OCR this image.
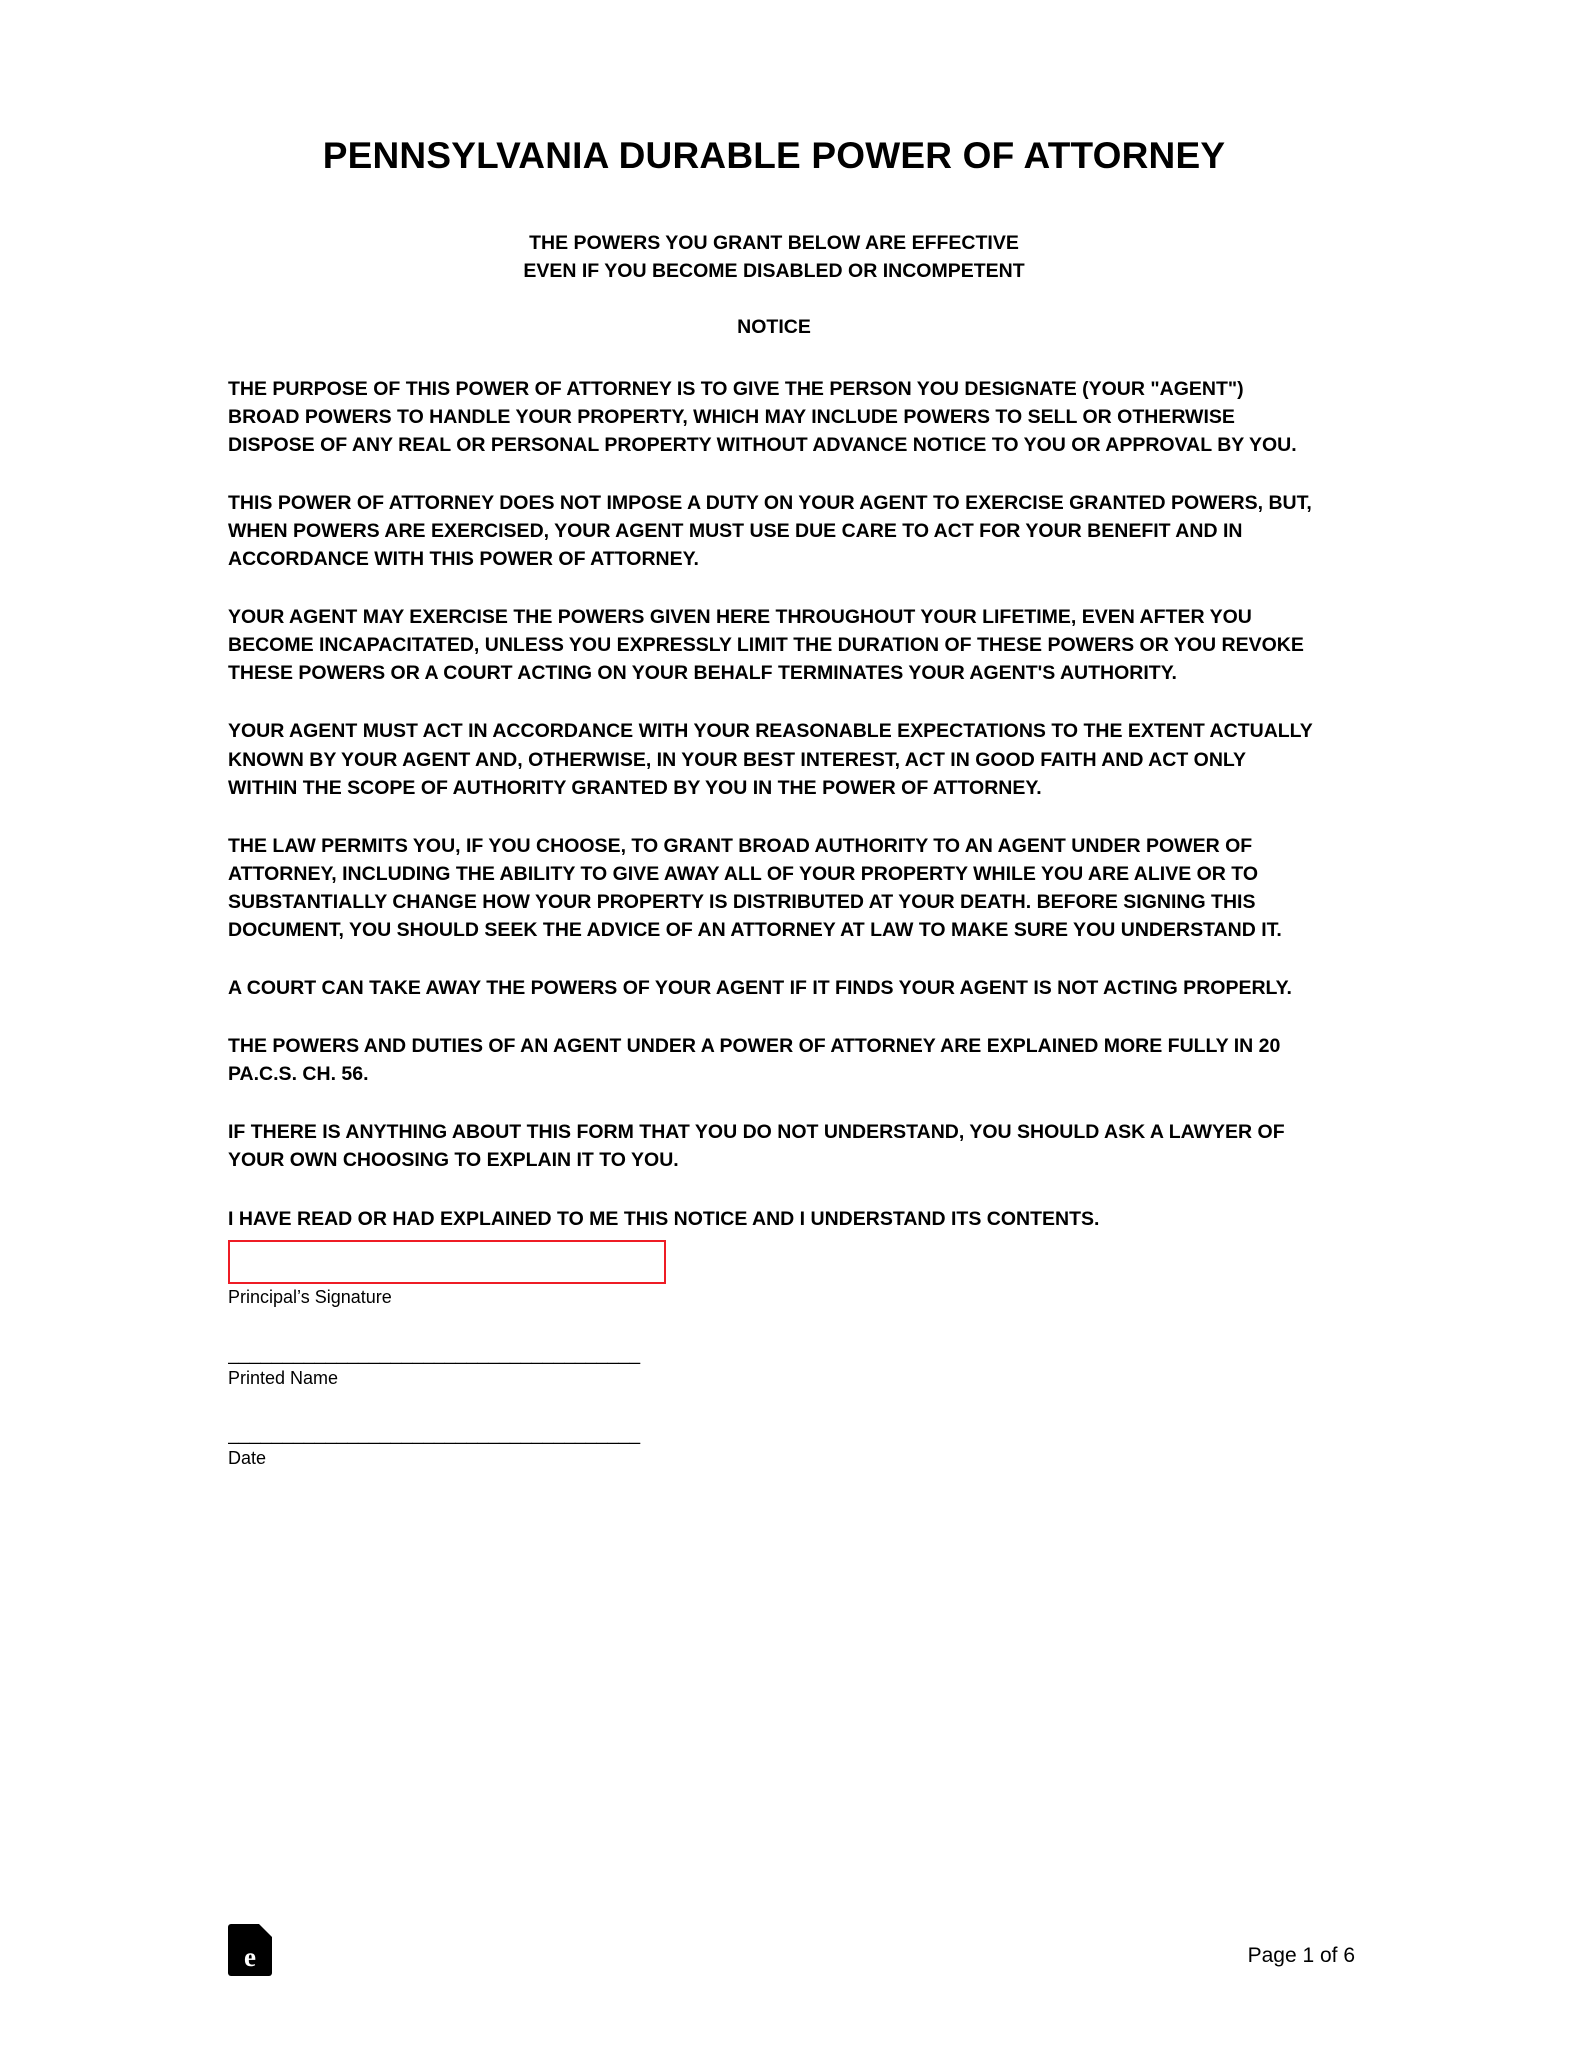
PENNSYLVANIA DURABLE POWER OF ATTORNEY
THE POWERS YOU GRANT BELOW ARE EFFECTIVE
EVEN IF YOU BECOME DISABLED OR INCOMPETENT
NOTICE
THE PURPOSE OF THIS POWER OF ATTORNEY IS TO GIVE THE PERSON YOU DESIGNATE (YOUR "AGENT") BROAD POWERS TO HANDLE YOUR PROPERTY, WHICH MAY INCLUDE POWERS TO SELL OR OTHERWISE DISPOSE OF ANY REAL OR PERSONAL PROPERTY WITHOUT ADVANCE NOTICE TO YOU OR APPROVAL BY YOU.
THIS POWER OF ATTORNEY DOES NOT IMPOSE A DUTY ON YOUR AGENT TO EXERCISE GRANTED POWERS, BUT, WHEN POWERS ARE EXERCISED, YOUR AGENT MUST USE DUE CARE TO ACT FOR YOUR BENEFIT AND IN ACCORDANCE WITH THIS POWER OF ATTORNEY.
YOUR AGENT MAY EXERCISE THE POWERS GIVEN HERE THROUGHOUT YOUR LIFETIME, EVEN AFTER YOU BECOME INCAPACITATED, UNLESS YOU EXPRESSLY LIMIT THE DURATION OF THESE POWERS OR YOU REVOKE THESE POWERS OR A COURT ACTING ON YOUR BEHALF TERMINATES YOUR AGENT'S AUTHORITY.
YOUR AGENT MUST ACT IN ACCORDANCE WITH YOUR REASONABLE EXPECTATIONS TO THE EXTENT ACTUALLY KNOWN BY YOUR AGENT AND, OTHERWISE, IN YOUR BEST INTEREST, ACT IN GOOD FAITH AND ACT ONLY WITHIN THE SCOPE OF AUTHORITY GRANTED BY YOU IN THE POWER OF ATTORNEY.
THE LAW PERMITS YOU, IF YOU CHOOSE, TO GRANT BROAD AUTHORITY TO AN AGENT UNDER POWER OF ATTORNEY, INCLUDING THE ABILITY TO GIVE AWAY ALL OF YOUR PROPERTY WHILE YOU ARE ALIVE OR TO SUBSTANTIALLY CHANGE HOW YOUR PROPERTY IS DISTRIBUTED AT YOUR DEATH. BEFORE SIGNING THIS DOCUMENT, YOU SHOULD SEEK THE ADVICE OF AN ATTORNEY AT LAW TO MAKE SURE YOU UNDERSTAND IT.
A COURT CAN TAKE AWAY THE POWERS OF YOUR AGENT IF IT FINDS YOUR AGENT IS NOT ACTING PROPERLY.
THE POWERS AND DUTIES OF AN AGENT UNDER A POWER OF ATTORNEY ARE EXPLAINED MORE FULLY IN 20 PA.C.S. CH. 56.
IF THERE IS ANYTHING ABOUT THIS FORM THAT YOU DO NOT UNDERSTAND, YOU SHOULD ASK A LAWYER OF YOUR OWN CHOOSING TO EXPLAIN IT TO YOU.
I HAVE READ OR HAD EXPLAINED TO ME THIS NOTICE AND I UNDERSTAND ITS CONTENTS.
Principal’s Signature
______________________________________
Printed Name
______________________________________
Date
e	Page 1 of 6
